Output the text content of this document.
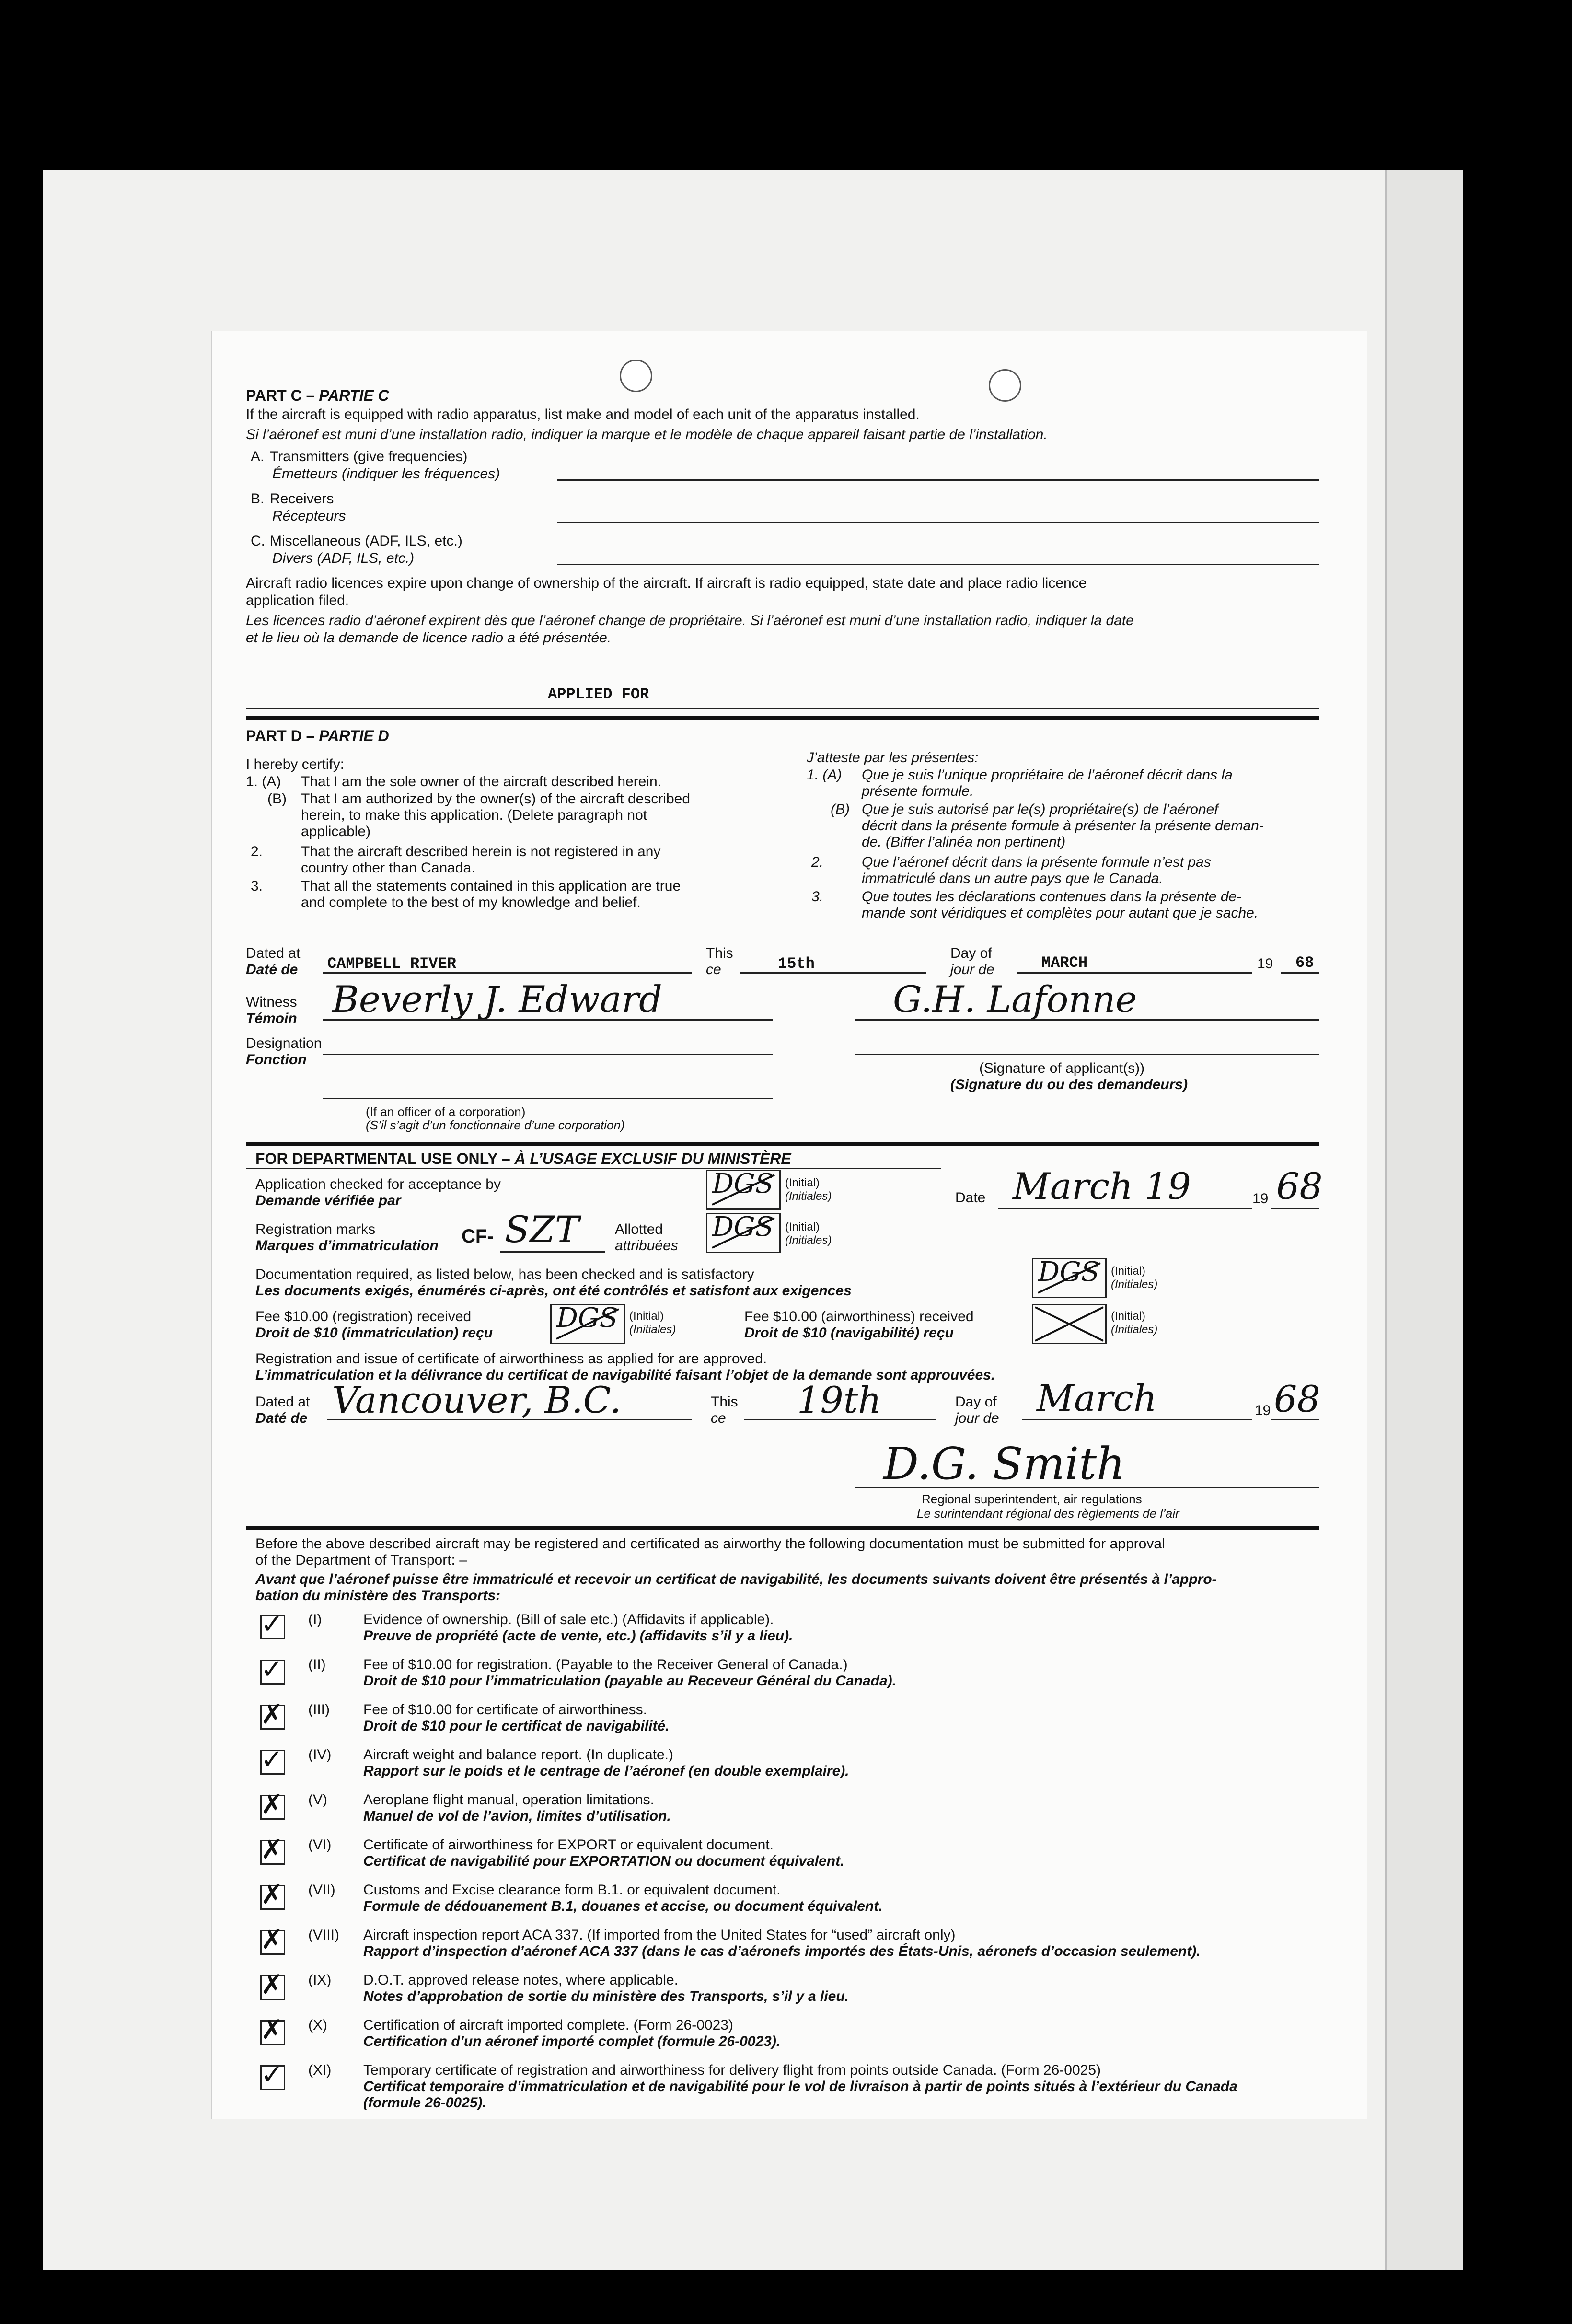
PART C – PARTIE C
If the aircraft is equipped with radio apparatus, list make and model of each unit of the apparatus installed.
Si l’aéronef est muni d’une installation radio, indiquer la marque et le modèle de chaque appareil faisant partie de l’installation.
A. Transmitters (give frequencies)
Émetteurs (indiquer les fréquences)
B. Receivers
Récepteurs
C. Miscellaneous (ADF, ILS, etc.)
Divers (ADF, ILS, etc.)
Aircraft radio licences expire upon change of ownership of the aircraft. If aircraft is radio equipped, state date and place radio licence
application filed.
Les licences radio d’aéronef expirent dès que l’aéronef change de propriétaire. Si l’aéronef est muni d’une installation radio, indiquer la date
et le lieu où la demande de licence radio a été présentée.
APPLIED FOR
PART D – PARTIE D
I hereby certify:	J’atteste par les présentes:
1. (A) That I am the sole owner of the aircraft described herein.
(B) That I am authorized by the owner(s) of the aircraft described
herein, to make this application. (Delete paragraph not
applicable)
2.	That the aircraft described herein is not registered in any
country other than Canada.
3.	That all the statements contained in this application are true
and complete to the best of my knowledge and belief.
1. (A) Que je suis l’unique propriétaire de l’aéronef décrit dans la
présente formule.
(B) Que je suis autorisé par le(s) propriétaire(s) de l’aéronef
décrit dans la présente formule à présenter la présente deman-
de. (Biffer l’alinéa non pertinent)
2.	Que l’aéronef décrit dans la présente formule n’est pas
immatriculé dans un autre pays que le Canada.
3.	Que toutes les déclarations contenues dans la présente de-
mande sont véridiques et complètes pour autant que je sache.
Dated at
Daté de CAMPBELL RIVER
This
ce	15th
Day of
jour de	MARCH	19 68
Witness
Témoin Beverly J. Edward	G.H. Lafonne
Designation
Fonction
(Signature of applicant(s))
(Signature du ou des demandeurs)
(If an officer of a corporation)
(S’il s’agit d’un fonctionnaire d’une corporation)
FOR DEPARTMENTAL USE ONLY – À L’USAGE EXCLUSIF DU MINISTÈRE
Application checked for acceptance by
Demande vérifiée par
DGS (Initial)
(Initiales)	Date March 19	19 68
Registration marks
Marques d’immatriculation CF- SZT Allotted
attribuées
DGS (Initial)
(Initiales)
Documentation required, as listed below, has been checked and is satisfactory
Les documents exigés, énumérés ci-après, ont été contrôlés et satisfont aux exigences
DGS (Initial)
(Initiales)
Fee $10.00 (registration) received
Droit de $10 (immatriculation) reçu DGS (Initial)
(Initiales)
Fee $10.00 (airworthiness) received
Droit de $10 (navigabilité) reçu
(Initial)
(Initiales)
Registration and issue of certificate of airworthiness as applied for are approved.
L’immatriculation et la délivrance du certificat de navigabilité faisant l’objet de la demande sont approuvées.
Dated at
Daté de Vancouver, B.C.	This
ce	19th	Day of
jour de March	19 68
D.G. Smith
Regional superintendent, air regulations
Le surintendant régional des règlements de l’air
Before the above described aircraft may be registered and certificated as airworthy the following documentation must be submitted for approval
of the Department of Transport: –
Avant que l’aéronef puisse être immatriculé et recevoir un certificat de navigabilité, les documents suivants doivent être présentés à l’appro-
bation du ministère des Transports:
✓ (I)	Evidence of ownership. (Bill of sale etc.) (Affidavits if applicable).
Preuve de propriété (acte de vente, etc.) (affidavits s’il y a lieu).
✓ (II)	Fee of $10.00 for registration. (Payable to the Receiver General of Canada.)
Droit de $10 pour l’immatriculation (payable au Receveur Général du Canada).
✗ (III) Fee of $10.00 for certificate of airworthiness.
Droit de $10 pour le certificat de navigabilité.
✓ (IV) Aircraft weight and balance report. (In duplicate.)
Rapport sur le poids et le centrage de l’aéronef (en double exemplaire).
✗ (V)	Aeroplane flight manual, operation limitations.
Manuel de vol de l’avion, limites d’utilisation.
✗ (VI) Certificate of airworthiness for EXPORT or equivalent document.
Certificat de navigabilité pour EXPORTATION ou document équivalent.
✗ (VII) Customs and Excise clearance form B.1. or equivalent document.
Formule de dédouanement B.1, douanes et accise, ou document équivalent.
✗ (VIII) Aircraft inspection report ACA 337. (If imported from the United States for “used” aircraft only)
Rapport d’inspection d’aéronef ACA 337 (dans le cas d’aéronefs importés des États-Unis, aéronefs d’occasion seulement).
✗ (IX) D.O.T. approved release notes, where applicable.
Notes d’approbation de sortie du ministère des Transports, s’il y a lieu.
✗ (X)	Certification of aircraft imported complete. (Form 26-0023)
Certification d’un aéronef importé complet (formule 26-0023).
✓ (XI) Temporary certificate of registration and airworthiness for delivery flight from points outside Canada. (Form 26-0025)
Certificat temporaire d’immatriculation et de navigabilité pour le vol de livraison à partir de points situés à l’extérieur du Canada
(formule 26-0025).
